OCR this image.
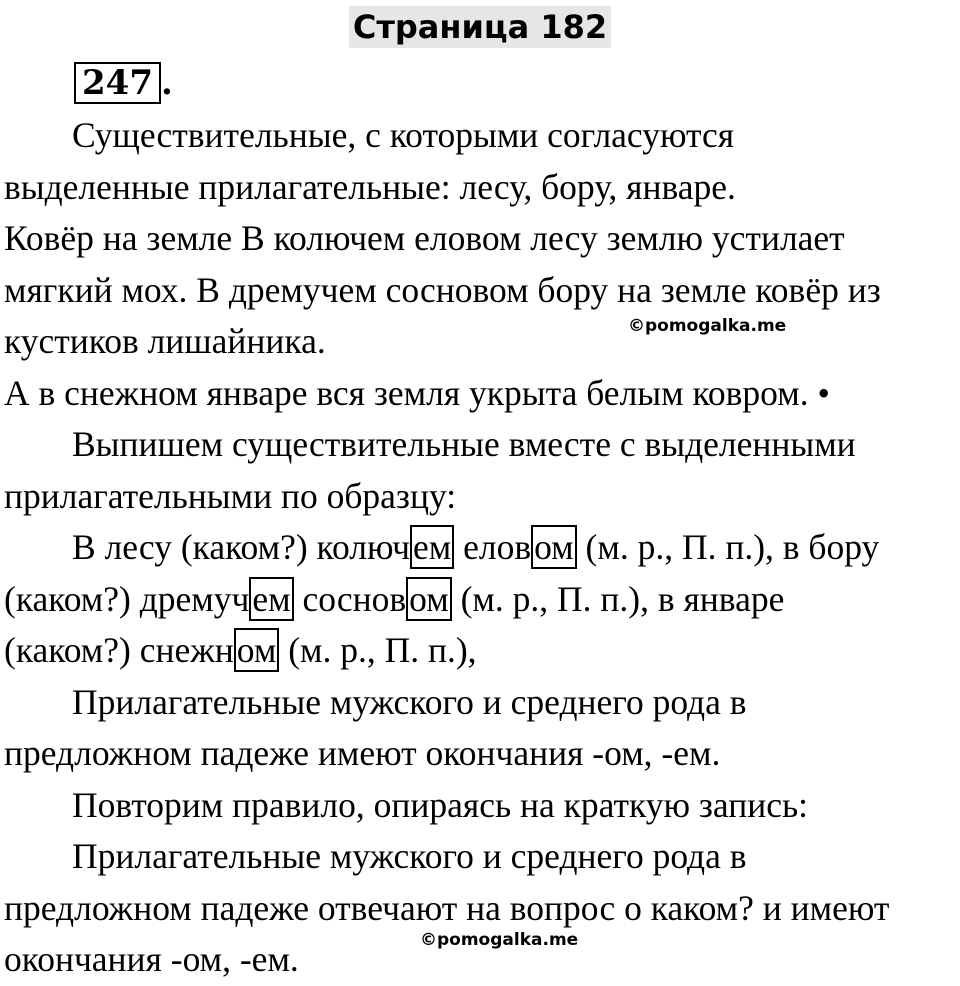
Страница 182
247 .

Существительные, с которыми согласуются

выделенные прилагательные: лесу, бору, январе.

Ковёр на земле В колючем еловом лесу землю устилает

мягкий мох. В дремучем сосновом бору на земле ковёр из

кустиков лишайника.

А в снежном январе вся земля укрыта белым ковром. •

Выпишем существительные вместе с выделенными

прилагательными по образцу:

В лесу (каком?) колючем еловом (м. р., П. п.), в бору

(каком?) дремучем сосновом (м. р., П. п.), в январе

(каком?) снежном (м. р., П. п.),

Прилагательные мужского и среднего рода в

предложном падеже имеют окончания -ом, -ем.

Повторим правило, опираясь на краткую запись:

Прилагательные мужского и среднего рода в

предложном падеже отвечают на вопрос о каком? и имеют

окончания -ом, -ем.

©pomogalka.me
©pomogalka.me
